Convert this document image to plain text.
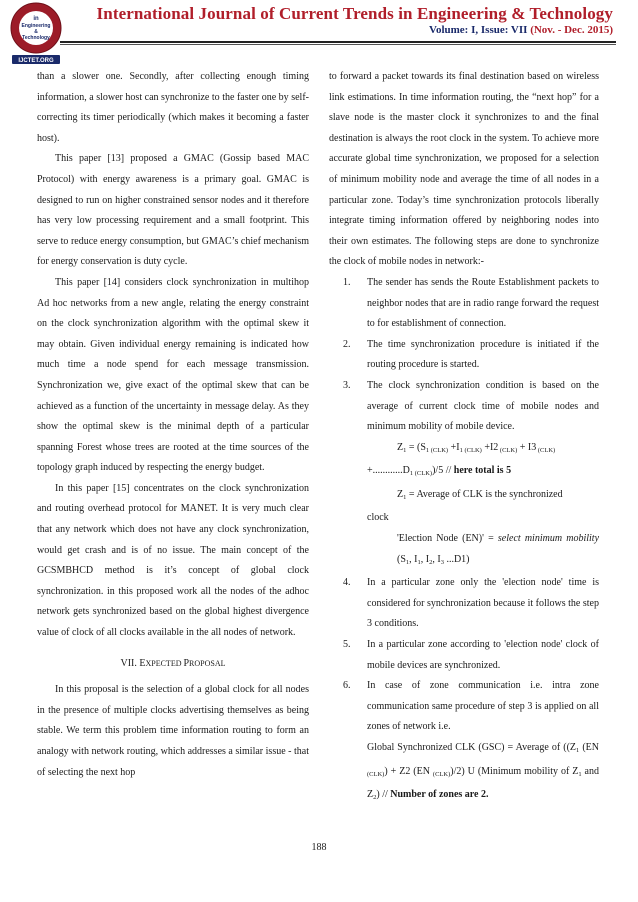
in
Engineering
&
Technology
IJCTET.ORG
International Journal of Current Trends in Engineering & Technology
Volume: I, Issue: VII (Nov. - Dec. 2015)

than a slower one. Secondly, after collecting enough timing information, a slower host can synchronize to the faster one by self-correcting its timer periodically (which makes it becoming a faster host).

This paper [13] proposed a GMAC (Gossip based MAC Protocol) with energy awareness is a primary goal. GMAC is designed to run on higher constrained sensor nodes and it therefore has very low processing requirement and a small footprint. This serve to reduce energy consumption, but GMAC’s chief mechanism for energy conservation is duty cycle.

This paper [14] considers clock synchronization in multihop Ad hoc networks from a new angle, relating the energy constraint on the clock synchronization algorithm with the optimal skew it may obtain. Given individual energy remaining is indicated how much time a node spend for each message transmission. Synchronization we, give exact of the optimal skew that can be achieved as a function of the uncertainty in message delay. As they show the optimal skew is the minimal depth of a particular spanning Forest whose trees are rooted at the time sources of the topology graph induced by respecting the energy budget.

In this paper [15] concentrates on the clock synchronization and routing overhead protocol for MANET. It is very much clear that any network which does not have any clock synchronization, would get crash and is of no issue. The main concept of the GCSMBHCD method is it’s concept of global clock synchronization. in this proposed work all the nodes of the adhoc network gets synchronized based on the global highest divergence value of clock of all clocks available in the all nodes of network.

VII. EXPECTED PROPOSAL

In this proposal is the selection of a global clock for all nodes in the presence of multiple clocks advertising themselves as being stable. We term this problem time information routing to form an analogy with network routing, which addresses a similar issue - that of selecting the next hop

to forward a packet towards its final destination based on wireless link estimations. In time information routing, the “next hop” for a slave node is the master clock it synchronizes to and the final destination is always the root clock in the system. To achieve more accurate global time synchronization, we proposed for a selection of minimum mobility node and average the time of all nodes in a particular zone. Today’s time synchronization protocols liberally integrate timing information offered by neighboring nodes into their own estimates. The following steps are done to synchronize the clock of mobile nodes in network:-

1. The sender has sends the Route Establishment packets to neighbor nodes that are in radio range forward the request to for establishment of connection.
2. The time synchronization procedure is initiated if the routing procedure is started.
3. The clock synchronization condition is based on the average of current clock time of mobile nodes and minimum mobility of mobile device.
$Z_1 = (S_{1 (CLK)} +I_{1 (CLK)} +I2$ $_{(CLK)}$ + I3 $_{(CLK)}$
$+............D_{1 (CLK)})/5$ // here total is 5
$Z_1$ = Average of CLK is the synchronized
clock
'Election Node (EN)' = select minimum mobility ($S_1$, $I_1$, $I_2$, $I_3$ ...D1)
4. In a particular zone only the 'election node' time is considered for synchronization because it follows the step 3 conditions.
5. In a particular zone according to 'election node' clock of mobile devices are synchronized.
6. In case of zone communication i.e. intra zone communication same procedure of step 3 is applied on all zones of network i.e.
Global Synchronized CLK (GSC) = Average of (($Z_1$ (EN $_{(CLK)}$) + Z2 (EN $_{(CLK)}$)/2) U (Minimum mobility of $Z_1$ and $Z_2$) // Number of zones are 2.
188
